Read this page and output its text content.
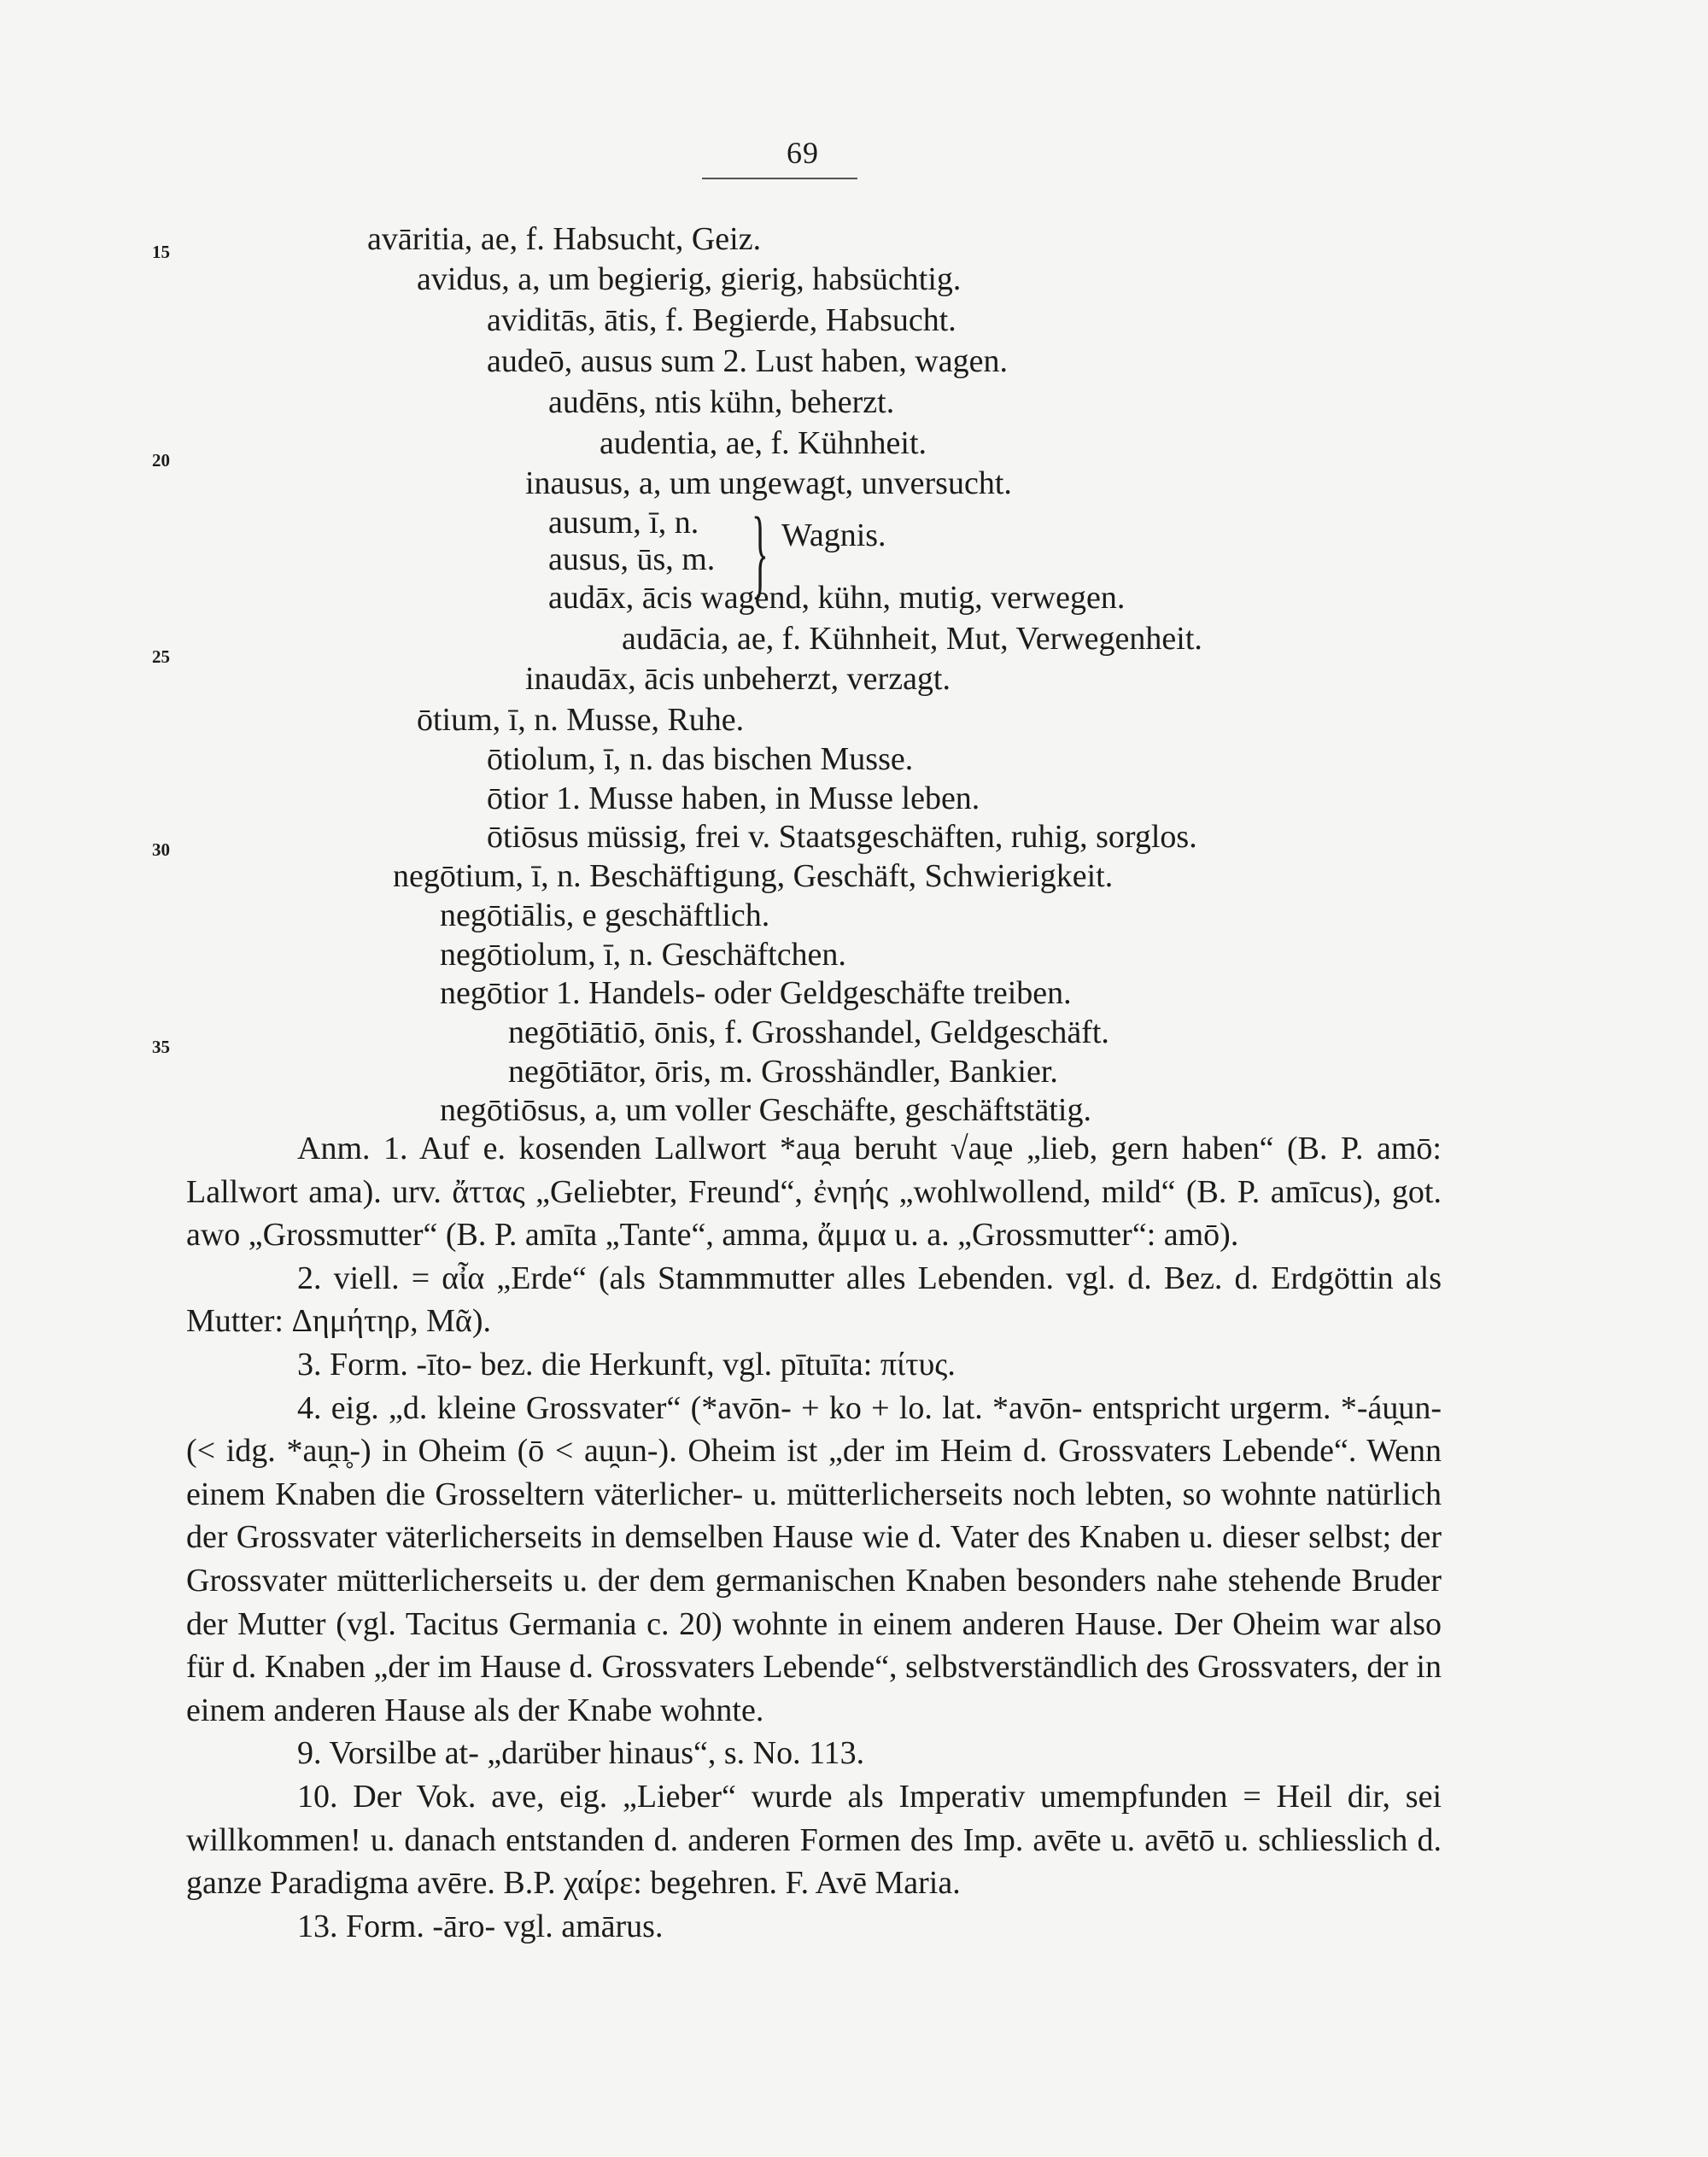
69
15
20
25
30
35
avāritia, ae, f. Habsucht, Geiz.
avidus, a, um begierig, gierig, habsüchtig.
aviditās, ātis, f. Begierde, Habsucht.
audeō, ausus sum 2. Lust haben, wagen.
audēns, ntis kühn, beherzt.
audentia, ae, f. Kühnheit.
inausus, a, um ungewagt, unversucht.
ausum, ī, n.
ausus, ūs, m. } Wagnis.
audāx, ācis wagend, kühn, mutig, verwegen.
audācia, ae, f. Kühnheit, Mut, Verwegenheit.
inaudāx, ācis unbeherzt, verzagt.
ōtium, ī, n. Musse, Ruhe.
ōtiolum, ī, n. das bischen Musse.
ōtior 1. Musse haben, in Musse leben.
ōtiōsus müssig, frei v. Staatsgeschäften, ruhig, sorglos.
negōtium, ī, n. Beschäftigung, Geschäft, Schwierigkeit.
negōtiālis, e geschäftlich.
negōtiolum, ī, n. Geschäftchen.
negōtior 1. Handels- oder Geldgeschäfte treiben.
negōtiātiō, ōnis, f. Grosshandel, Geldgeschäft.
negōtiātor, ōris, m. Grosshändler, Bankier.
negōtiōsus, a, um voller Geschäfte, geschäftstätig.

Anm. 1. Auf e. kosenden Lallwort *au̯a beruht √au̯e „lieb, gern haben“ (B. P. amō: Lallwort ama). urv. ἄττας „Geliebter, Freund“, ἐνηής „wohlwollend, mild“ (B. P. amīcus), got. awo „Grossmutter“ (B. P. amīta „Tante“, amma, ἄμμα u. a. „Grossmutter“: amō).

2. viell. = αἶα „Erde“ (als Stammmutter alles Lebenden. vgl. d. Bez. d. Erdgöttin als Mutter: Δημήτηρ, Μᾶ).

3. Form. -īto- bez. die Herkunft, vgl. pītuīta: πίτυς.

4. eig. „d. kleine Grossvater“ (*avōn- + ko + lo. lat. *avōn- entspricht urgerm. *-áu̯un- (< idg. *au̯n̥-) in Oheim (ō < au̯un-). Oheim ist „der im Heim d. Grossvaters Lebende“. Wenn einem Knaben die Grosseltern väterlicher- u. mütterlicherseits noch lebten, so wohnte natürlich der Grossvater väterlicherseits in demselben Hause wie d. Vater des Knaben u. dieser selbst; der Grossvater mütterlicherseits u. der dem germanischen Knaben besonders nahe stehende Bruder der Mutter (vgl. Tacitus Germania c. 20) wohnte in einem anderen Hause. Der Oheim war also für d. Knaben „der im Hause d. Grossvaters Lebende“, selbstverständlich des Grossvaters, der in einem anderen Hause als der Knabe wohnte.

9. Vorsilbe at- „darüber hinaus“, s. No. 113.

10. Der Vok. ave, eig. „Lieber“ wurde als Imperativ umempfunden = Heil dir, sei willkommen! u. danach entstanden d. anderen Formen des Imp. avēte u. avētō u. schliesslich d. ganze Paradigma avēre. B.P. χαίρε: begehren. F. Avē Maria.

13. Form. -āro- vgl. amārus.
